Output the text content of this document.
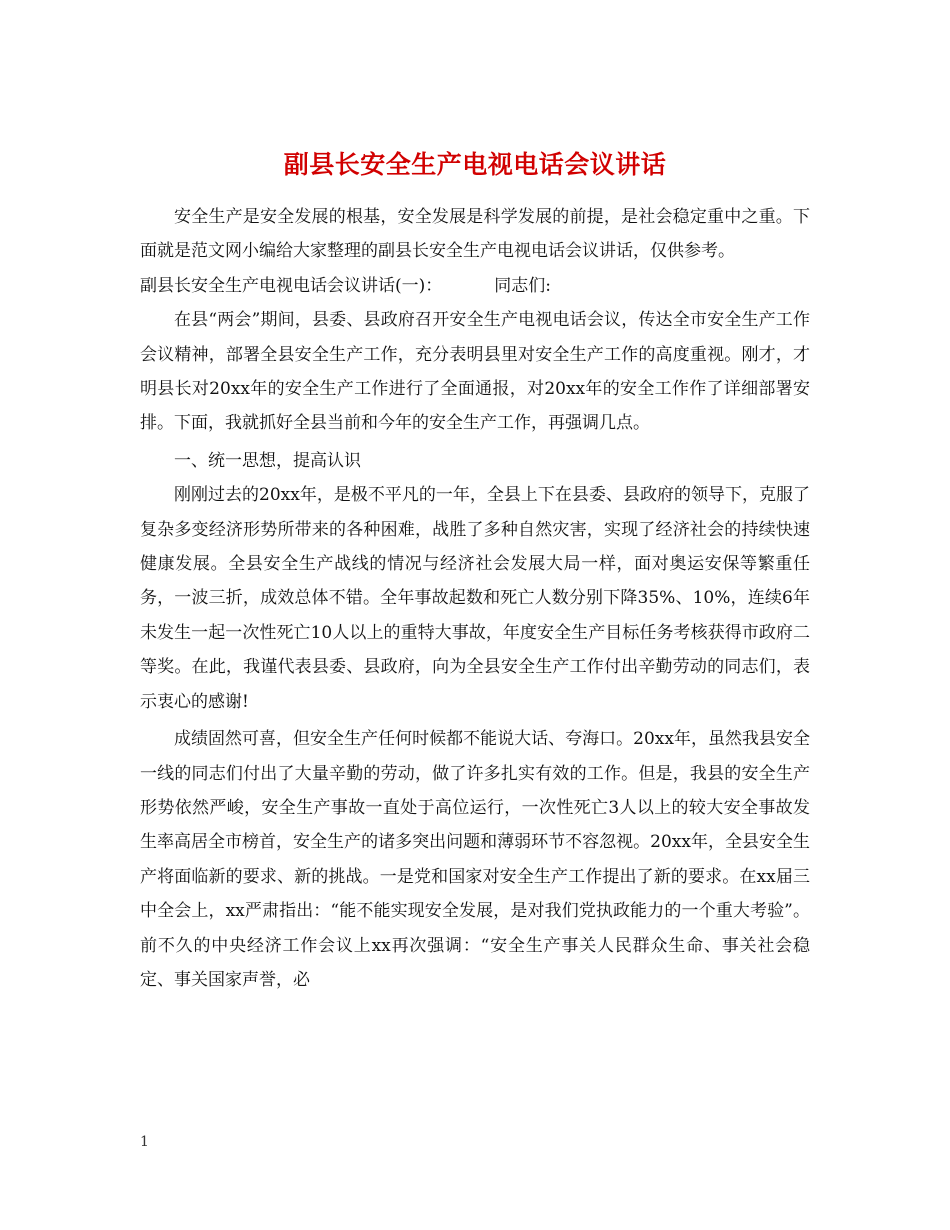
副县长安全生产电视电话会议讲话

安全生产是安全发展的根基，安全发展是科学发展的前提，是社会稳定重中之重。下面就是范文网小编给大家整理的副县长安全生产电视电话会议讲话，仅供参考。

副县长安全生产电视电话会议讲话(一)：	同志们:

在县“两会”期间，县委、县政府召开安全生产电视电话会议，传达全市安全生产工作会议精神，部署全县安全生产工作，充分表明县里对安全生产工作的高度重视。刚才，才明县长对20xx年的安全生产工作进行了全面通报，对20xx年的安全工作作了详细部署安排。下面，我就抓好全县当前和今年的安全生产工作，再强调几点。

一、统一思想，提高认识

刚刚过去的20xx年，是极不平凡的一年，全县上下在县委、县政府的领导下，克服了复杂多变经济形势所带来的各种困难，战胜了多种自然灾害，实现了经济社会的持续快速健康发展。全县安全生产战线的情况与经济社会发展大局一样，面对奥运安保等繁重任务，一波三折，成效总体不错。全年事故起数和死亡人数分别下降35%、10%，连续6年未发生一起一次性死亡10人以上的重特大事故，年度安全生产目标任务考核获得市政府二等奖。在此，我谨代表县委、县政府，向为全县安全生产工作付出辛勤劳动的同志们，表示衷心的感谢!

成绩固然可喜，但安全生产任何时候都不能说大话、夸海口。20xx年，虽然我县安全一线的同志们付出了大量辛勤的劳动，做了许多扎实有效的工作。但是，我县的安全生产形势依然严峻，安全生产事故一直处于高位运行，一次性死亡3人以上的较大安全事故发生率高居全市榜首，安全生产的诸多突出问题和薄弱环节不容忽视。20xx年，全县安全生产将面临新的要求、新的挑战。一是党和国家对安全生产工作提出了新的要求。在xx届三中全会上，xx严肃指出：“能不能实现安全发展，是对我们党执政能力的一个重大考验”。前不久的中央经济工作会议上xx再次强调：“安全生产事关人民群众生命、事关社会稳定、事关国家声誉，必

1
